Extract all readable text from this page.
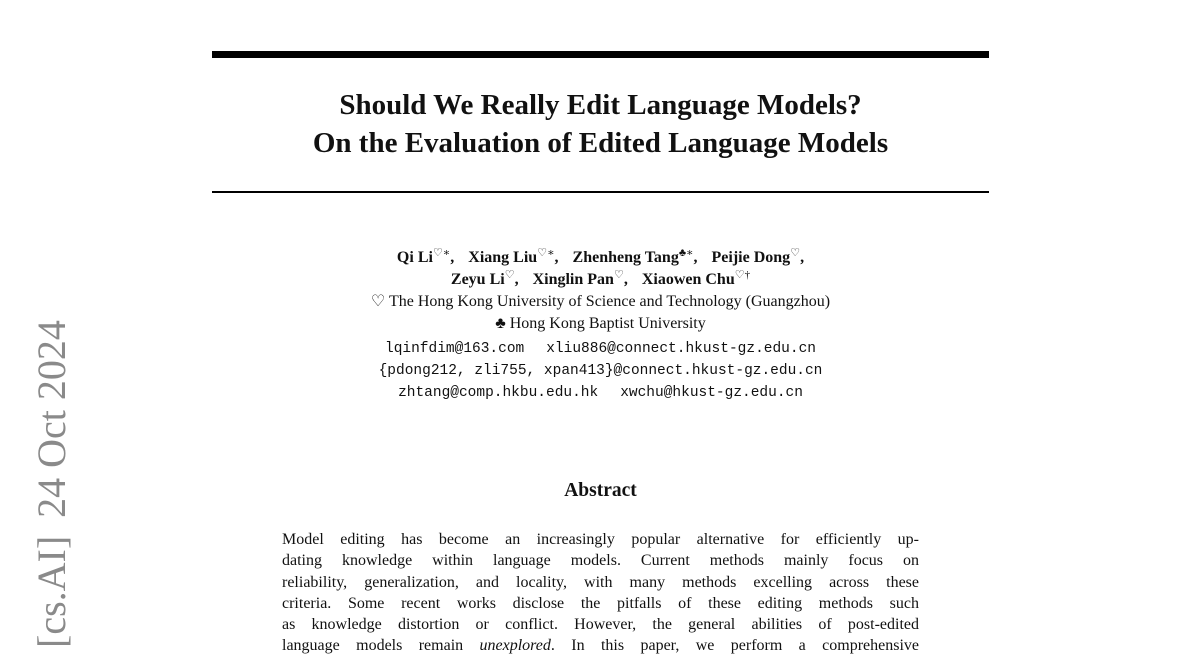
[cs.AI]24 Oct 2024
Should We Really Edit Language Models?
On the Evaluation of Edited Language Models
Qi Li♡∗, Xiang Liu♡∗, Zhenheng Tang♣∗, Peijie Dong♡,
Zeyu Li♡, Xinglin Pan♡, Xiaowen Chu♡†
♡ The Hong Kong University of Science and Technology (Guangzhou)
♣ Hong Kong Baptist University
lqinfdim@163.com xliu886@connect.hkust-gz.edu.cn
{pdong212, zli755, xpan413}@connect.hkust-gz.edu.cn
zhtang@comp.hkbu.edu.hk xwchu@hkust-gz.edu.cn
Abstract
Model editing has become an increasingly popular alternative for efficiently up-
dating knowledge within language models. Current methods mainly focus on
reliability, generalization, and locality, with many methods excelling across these
criteria. Some recent works disclose the pitfalls of these editing methods such
as knowledge distortion or conflict. However, the general abilities of post-edited
language models remain unexplored. In this paper, we perform a comprehensive
